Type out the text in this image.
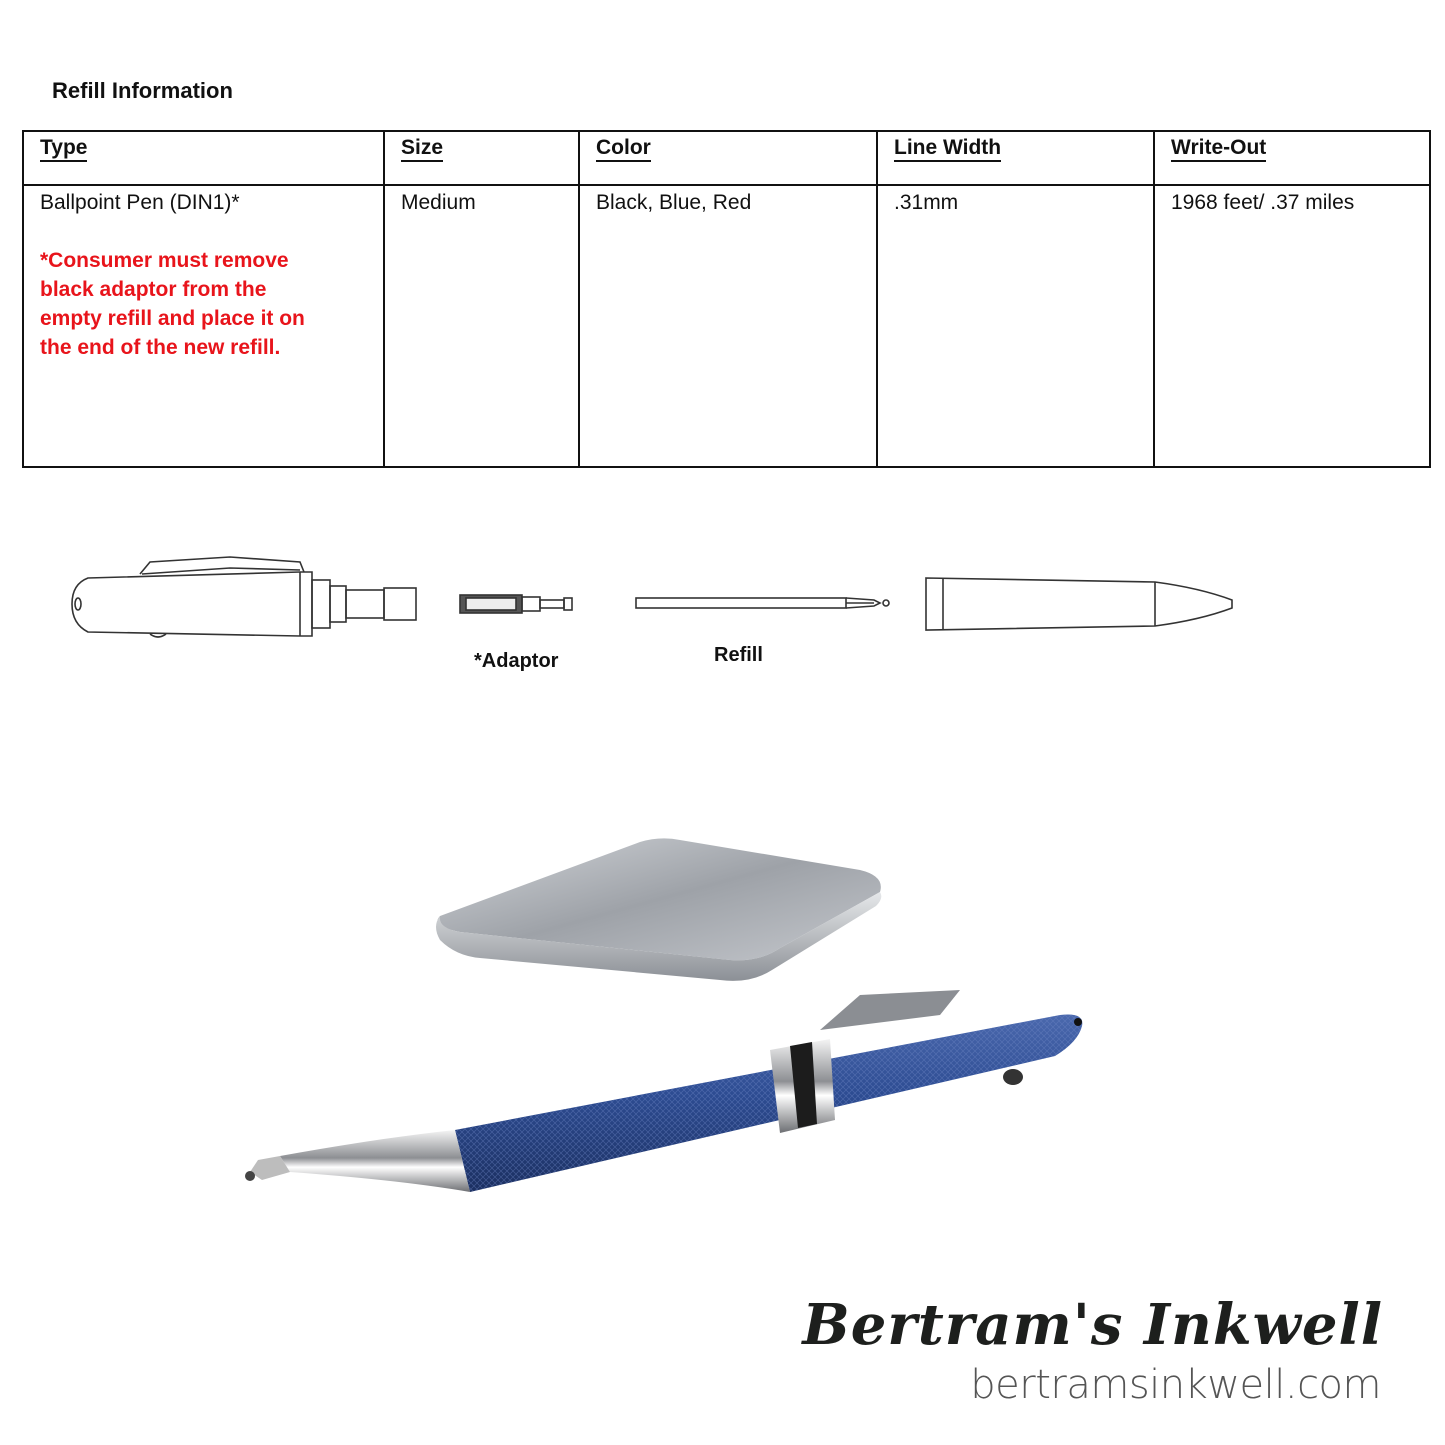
Refill Information
Type	Size	Color	Line Width	Write-Out
Ballpoint Pen (DIN1)*
*Consumer must remove
black adaptor from the
empty refill and place it on
the end of the new refill.	Medium	Black, Blue, Red	.31mm	1968 feet/ .37 miles
*Adaptor	Refill
Bertram's Inkwell
bertramsinkwell.com
